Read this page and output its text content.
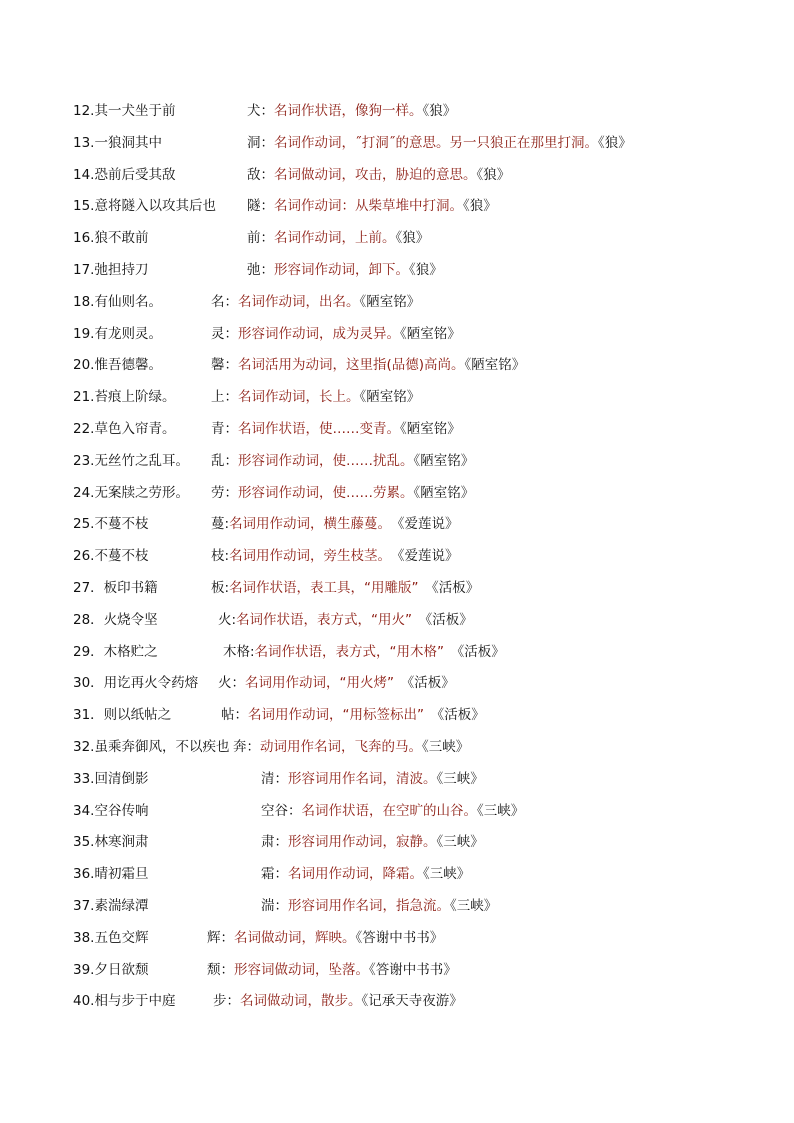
12.其一犬坐于前	犬：名词作状语，像狗一样。《狼》
13.一狼洞其中	洞：名词作动词，˝打洞˝的意思。另一只狼正在那里打洞。《狼》
14.恐前后受其敌	敌：名词做动词，攻击，胁迫的意思。《狼》
15.意将隧入以攻其后也 隧：名词作动词：从柴草堆中打洞。《狼》
16.狼不敢前	前：名词作动词，上前。《狼》
17.弛担持刀	弛：形容词作动词，卸下。《狼》
18.有仙则名。	名：名词作动词，出名。《陋室铭》
19.有龙则灵。	灵：形容词作动词，成为灵异。《陋室铭》
20.惟吾德馨。	馨：名词活用为动词，这里指(品德)高尚。《陋室铭》
21.苔痕上阶绿。	上：名词作动词，长上。《陋室铭》
22.草色入帘青。	青：名词作状语，使……变青。《陋室铭》
23.无丝竹之乱耳。 乱：形容词作动词，使……扰乱。《陋室铭》
24.无案牍之劳形。 劳：形容词作动词，使……劳累。《陋室铭》
25.不蔓不枝	蔓:名词用作动词，横生藤蔓。　《爱莲说》
26.不蔓不枝	枝:名词用作动词，旁生枝茎。　《爱莲说》
27．板印书籍	板:名词作状语，表工具，“用雕版”　《活板》
28．火烧令坚	火:名词作状语，表方式，“用火”　《活板》
29．木格贮之	木格:名词作状语，表方式，“用木格”　《活板》
30．用讫再火令药熔 火：名词用作动词，“用火烤”　《活板》
31．则以纸帖之	帖：名词用作动词，“用标签标出”　《活板》
32.虽乘奔御风，不以疾也 奔：动词用作名词，飞奔的马。《三峡》
33.回清倒影	清：形容词用作名词，清波。《三峡》
34.空谷传响	空谷：名词作状语，在空旷的山谷。《三峡》
35.林寒涧肃	肃：形容词用作动词，寂静。《三峡》
36.晴初霜旦	霜：名词用作动词，降霜。《三峡》
37.素湍绿潭	湍：形容词用作名词，指急流。《三峡》
38.五色交辉	辉：名词做动词，辉映。《答谢中书书》
39.夕日欲颓	颓：形容词做动词，坠落。《答谢中书书》
40.相与步于中庭	步：名词做动词，散步。《记承天寺夜游》
